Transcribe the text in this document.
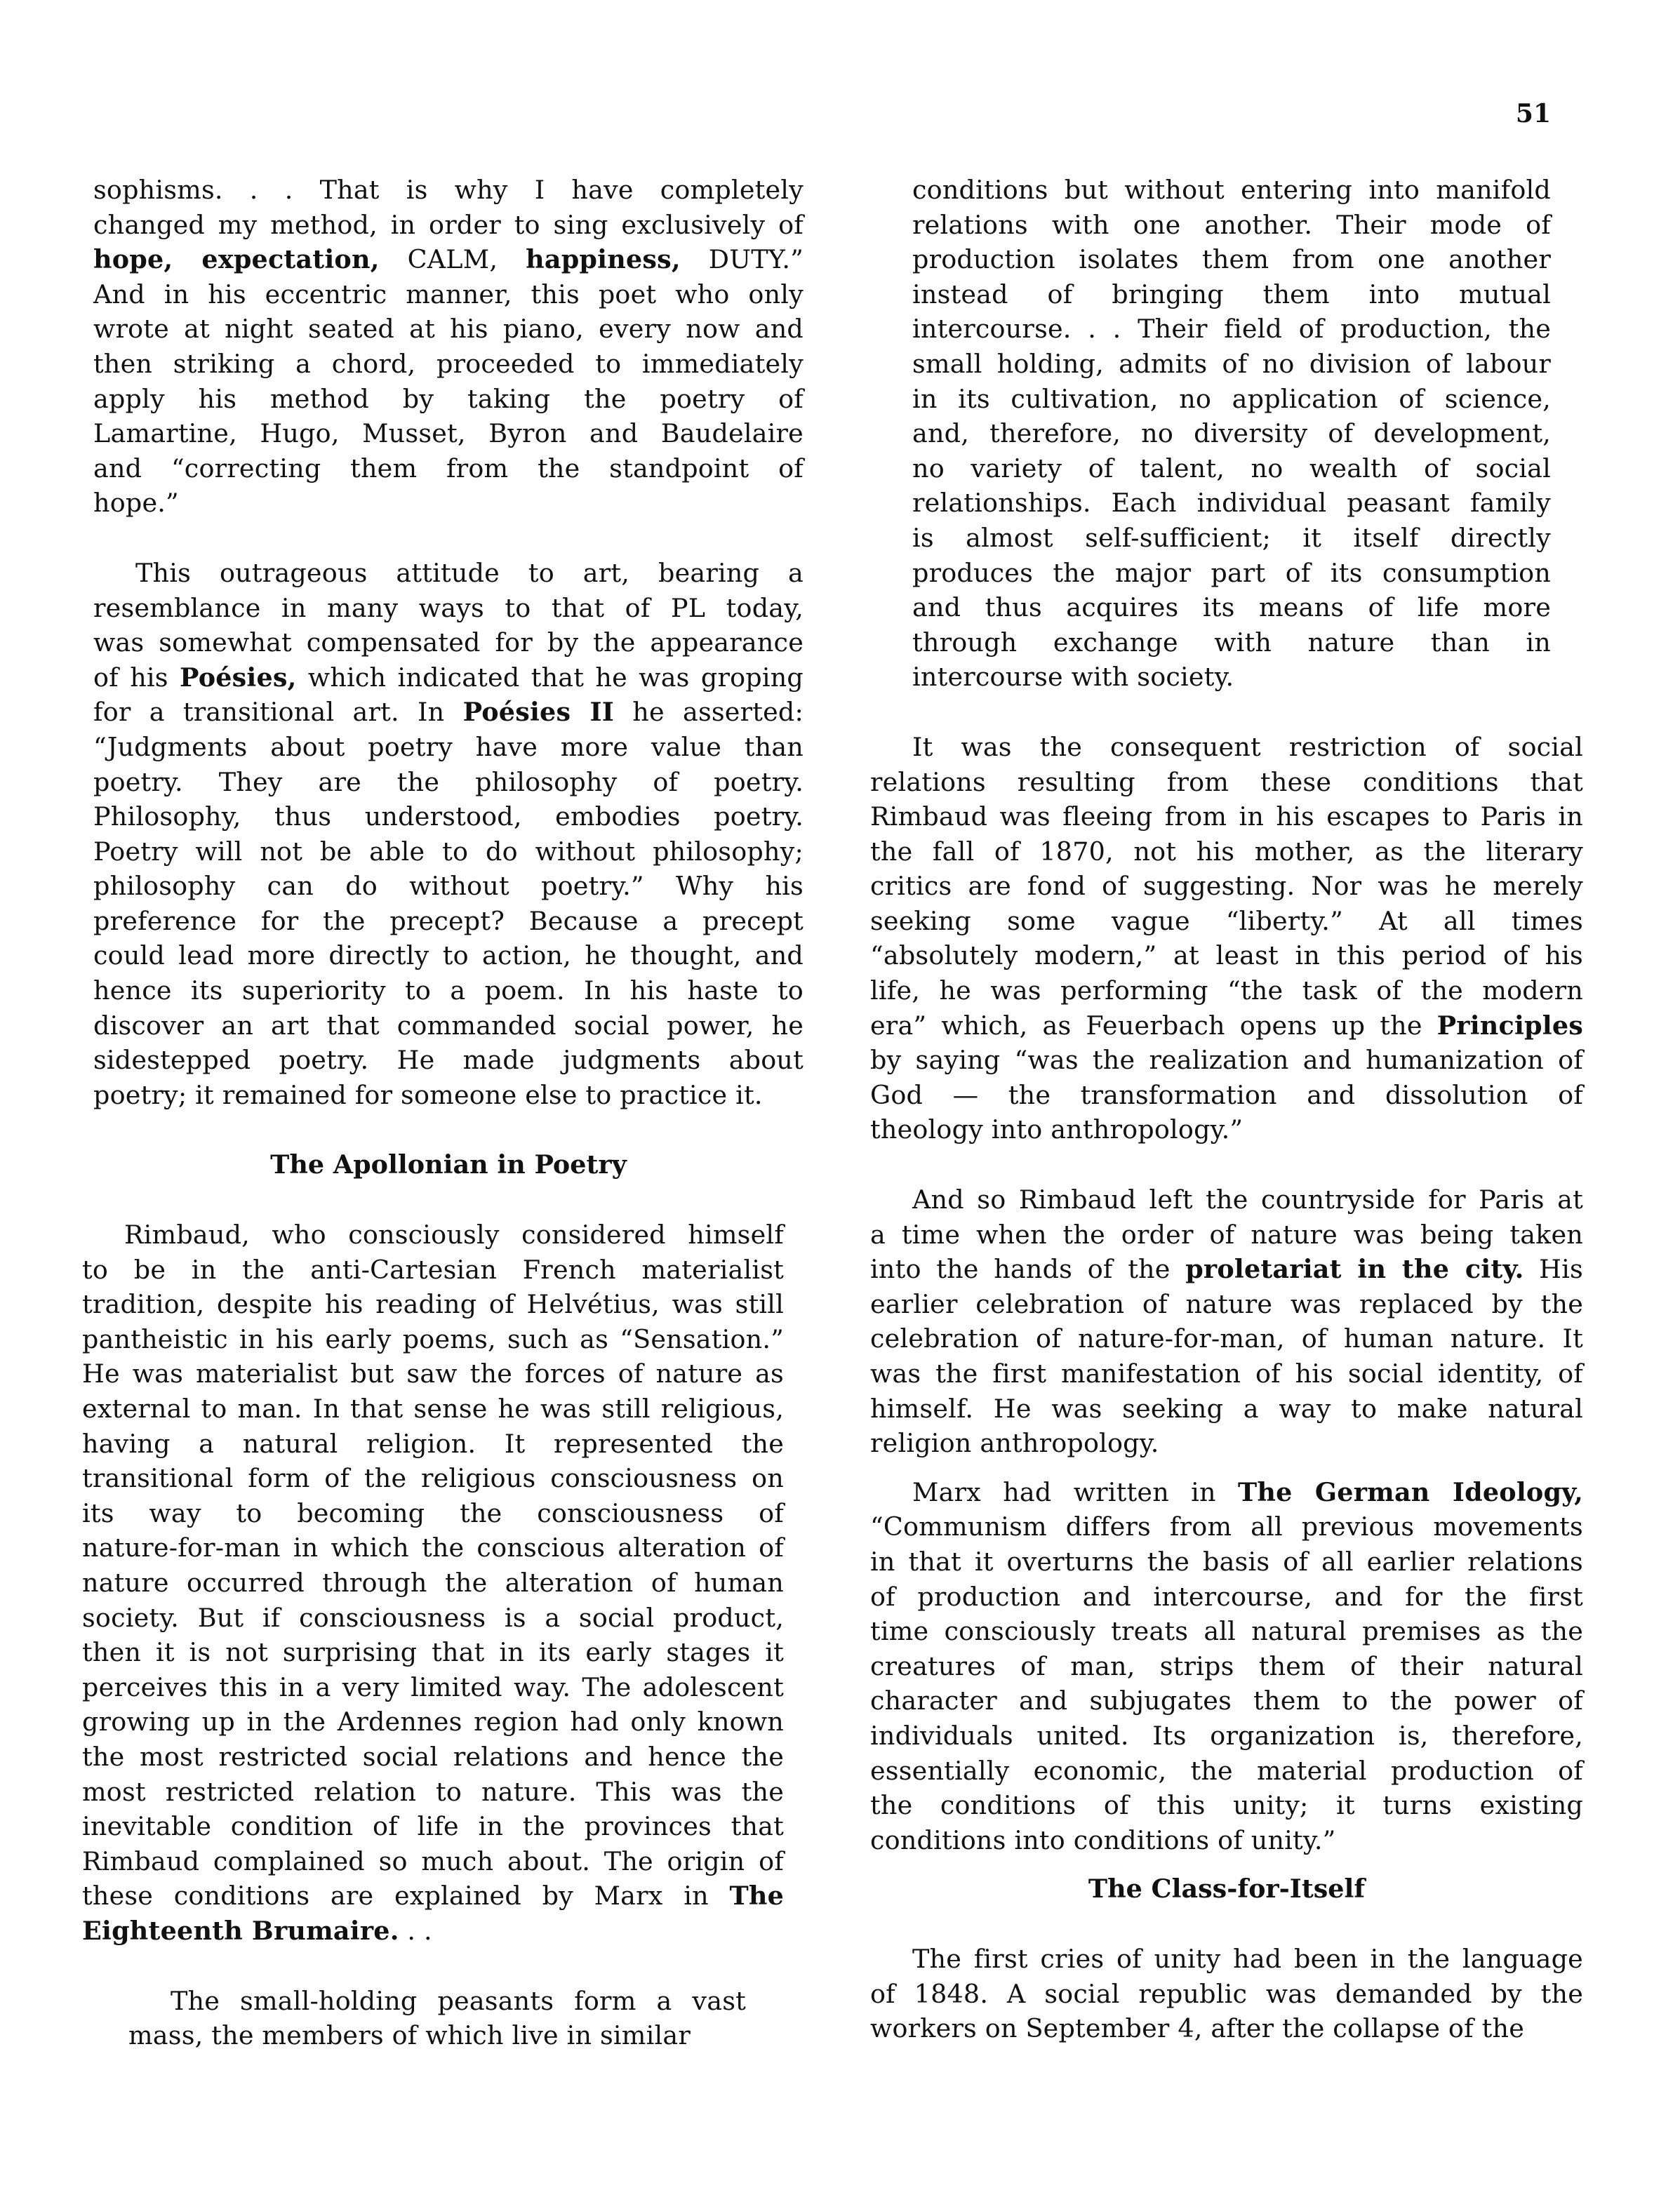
51
sophisms. . . That is why I have completely
changed my method, in order to sing exclusively of
hope, expectation, CALM, happiness, DUTY.”
And in his eccentric manner, this poet who only
wrote at night seated at his piano, every now and
then striking a chord, proceeded to immediately
apply his method by taking the poetry of
Lamartine, Hugo, Musset, Byron and Baudelaire
and “correcting them from the standpoint of
hope.”
This outrageous attitude to art, bearing a
resemblance in many ways to that of PL today,
was somewhat compensated for by the appearance
of his Poésies, which indicated that he was groping
for a transitional art. In Poésies II he asserted:
“Judgments about poetry have more value than
poetry. They are the philosophy of poetry.
Philosophy, thus understood, embodies poetry.
Poetry will not be able to do without philosophy;
philosophy can do without poetry.” Why his
preference for the precept? Because a precept
could lead more directly to action, he thought, and
hence its superiority to a poem. In his haste to
discover an art that commanded social power, he
sidestepped poetry. He made judgments about
poetry; it remained for someone else to practice it.
The Apollonian in Poetry
Rimbaud, who consciously considered himself
to be in the anti-Cartesian French materialist
tradition, despite his reading of Helvétius, was still
pantheistic in his early poems, such as “Sensation.”
He was materialist but saw the forces of nature as
external to man. In that sense he was still religious,
having a natural religion. It represented the
transitional form of the religious consciousness on
its way to becoming the consciousness of
nature-for-man in which the conscious alteration of
nature occurred through the alteration of human
society. But if consciousness is a social product,
then it is not surprising that in its early stages it
perceives this in a very limited way. The adolescent
growing up in the Ardennes region had only known
the most restricted social relations and hence the
most restricted relation to nature. This was the
inevitable condition of life in the provinces that
Rimbaud complained so much about. The origin of
these conditions are explained by Marx in The
Eighteenth Brumaire. . .
The small-holding peasants form a vast
mass, the members of which live in similar
conditions but without entering into manifold
relations with one another. Their mode of
production isolates them from one another
instead of bringing them into mutual
intercourse. . . Their field of production, the
small holding, admits of no division of labour
in its cultivation, no application of science,
and, therefore, no diversity of development,
no variety of talent, no wealth of social
relationships. Each individual peasant family
is almost self-sufficient; it itself directly
produces the major part of its consumption
and thus acquires its means of life more
through exchange with nature than in
intercourse with society.
It was the consequent restriction of social
relations resulting from these conditions that
Rimbaud was fleeing from in his escapes to Paris in
the fall of 1870, not his mother, as the literary
critics are fond of suggesting. Nor was he merely
seeking some vague “liberty.” At all times
“absolutely modern,” at least in this period of his
life, he was performing “the task of the modern
era” which, as Feuerbach opens up the Principles
by saying “was the realization and humanization of
God — the transformation and dissolution of
theology into anthropology.”
And so Rimbaud left the countryside for Paris at
a time when the order of nature was being taken
into the hands of the proletariat in the city. His
earlier celebration of nature was replaced by the
celebration of nature-for-man, of human nature. It
was the first manifestation of his social identity, of
himself. He was seeking a way to make natural
religion anthropology.
Marx had written in The German Ideology,
“Communism differs from all previous movements
in that it overturns the basis of all earlier relations
of production and intercourse, and for the first
time consciously treats all natural premises as the
creatures of man, strips them of their natural
character and subjugates them to the power of
individuals united. Its organization is, therefore,
essentially economic, the material production of
the conditions of this unity; it turns existing
conditions into conditions of unity.”
The Class-for-Itself
The first cries of unity had been in the language
of 1848. A social republic was demanded by the
workers on September 4, after the collapse of the
